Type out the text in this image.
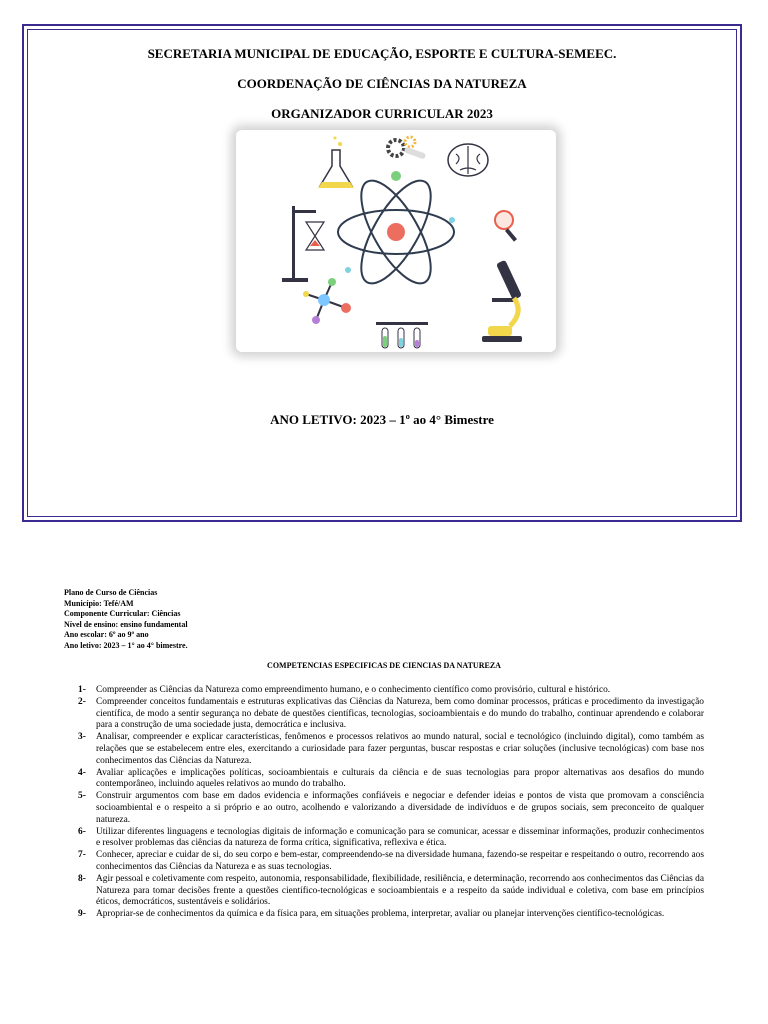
SECRETARIA MUNICIPAL DE EDUCAÇÃO, ESPORTE E CULTURA-SEMEEC.
COORDENAÇÃO DE CIÊNCIAS DA NATUREZA
ORGANIZADOR CURRICULAR 2023
ANO LETIVO: 2023 – 1º ao 4° Bimestre
Plano de Curso de Ciências
Município: Tefé/AM
Componente Curricular: Ciências
Nível de ensino: ensino fundamental
Ano escolar: 6º ao 9º ano
Ano letivo: 2023 – 1° ao 4° bimestre.
COMPETENCIAS ESPECIFICAS DE CIENCIAS DA NATUREZA
1-	Compreender as Ciências da Natureza como empreendimento humano, e o conhecimento científico como provisório, cultural e histórico.
2-	Compreender conceitos fundamentais e estruturas explicativas das Ciências da Natureza, bem como dominar processos, práticas e procedimento da investigação científica, de modo a sentir segurança no debate de questões científicas, tecnologias, socioambientais e do mundo do trabalho, continuar aprendendo e colaborar para a construção de uma sociedade justa, democrática e inclusiva.
3-	Analisar, compreender e explicar características, fenômenos e processos relativos ao mundo natural, social e tecnológico (incluindo digital), como também as relações que se estabelecem entre eles, exercitando a curiosidade para fazer perguntas, buscar respostas e criar soluções (inclusive tecnológicas) com base nos conhecimentos das Ciências da Natureza.
4-	Avaliar aplicações e implicações políticas, socioambientais e culturais da ciência e de suas tecnologias para propor alternativas aos desafios do mundo contemporâneo, incluindo aqueles relativos ao mundo do trabalho.
5-	Construir argumentos com base em dados evidencia e informações confiáveis e negociar e defender ideias e pontos de vista que promovam a consciência socioambiental e o respeito a si próprio e ao outro, acolhendo e valorizando a diversidade de indivíduos e de grupos sociais, sem preconceito de qualquer natureza.
6-	Utilizar diferentes linguagens e tecnologias digitais de informação e comunicação para se comunicar, acessar e disseminar informações, produzir conhecimentos e resolver problemas das ciências da natureza de forma crítica, significativa, reflexiva e ética.
7-	Conhecer, apreciar e cuidar de si, do seu corpo e bem-estar, compreendendo-se na diversidade humana, fazendo-se respeitar e respeitando o outro, recorrendo aos conhecimentos das Ciências da Natureza e as suas tecnologias.
8-	Agir pessoal e coletivamente com respeito, autonomia, responsabilidade, flexibilidade, resiliência, e determinação, recorrendo aos conhecimentos das Ciências da Natureza para tomar decisões frente a questões científico-tecnológicas e socioambientais e a respeito da saúde individual e coletiva, com base em princípios éticos, democráticos, sustentáveis e solidários.
9-	Apropriar-se de conhecimentos da química e da física para, em situações problema, interpretar, avaliar ou planejar intervenções científico-tecnológicas.
